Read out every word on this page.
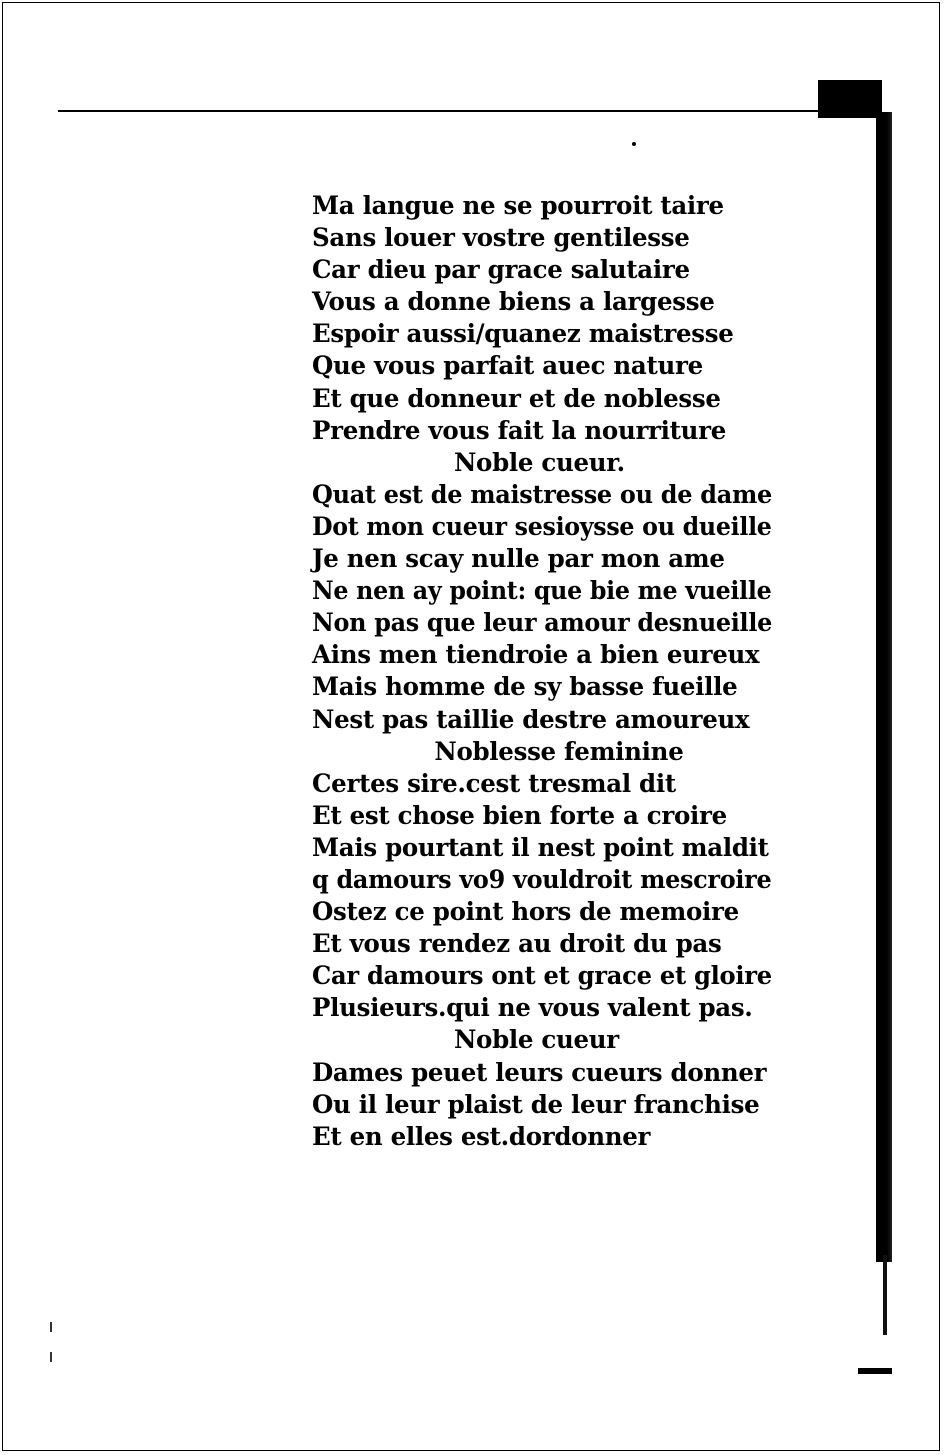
Ma langue ne se pourroit taire
Sans louer vostre gentilesse
Car dieu par grace salutaire
Vous a donne biens a largesse
Espoir aussi/quanez maistresse
Que vous parfait auec nature
Et que donneur et de noblesse
Prendre vous fait la nourriture
Noble cueur.
Quat est de maistresse ou de dame
Dot mon cueur sesioysse ou dueille
Je nen scay nulle par mon ame
Ne nen ay point: que bie me vueille
Non pas que leur amour desnueille
Ains men tiendroie a bien eureux
Mais homme de sy basse fueille
Nest pas taillie destre amoureux
Noblesse feminine
Certes sire.cest tresmal dit
Et est chose bien forte a croire
Mais pourtant il nest point maldit
q damours vo9 vouldroit mescroire
Ostez ce point hors de memoire
Et vous rendez au droit du pas
Car damours ont et grace et gloire
Plusieurs.qui ne vous valent pas.
Noble cueur
Dames peuet leurs cueurs donner
Ou il leur plaist de leur franchise
Et en elles est.dordonner
